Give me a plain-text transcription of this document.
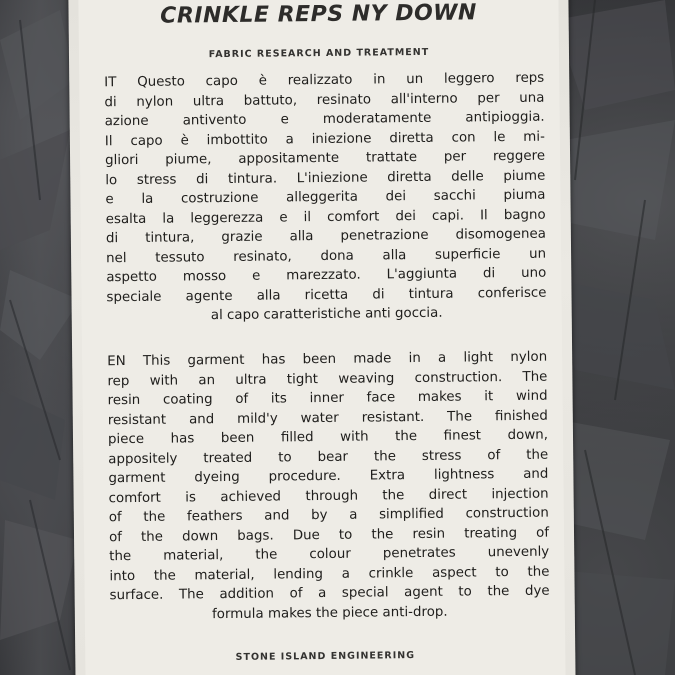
CRINKLE REPS NY DOWN
FABRIC RESEARCH AND TREATMENT
IT Questo capo è realizzato in un leggero reps
di nylon ultra battuto, resinato all'interno per una
azione antivento e moderatamente antipioggia.
Il capo è imbottito a iniezione diretta con le mi-
gliori piume, appositamente trattate per reggere
lo stress di tintura. L'iniezione diretta delle piume
e la costruzione alleggerita dei sacchi piuma
esalta la leggerezza e il comfort dei capi. Il bagno
di tintura, grazie alla penetrazione disomogenea
nel tessuto resinato, dona alla superficie un
aspetto mosso e marezzato. L'aggiunta di uno
speciale agente alla ricetta di tintura conferisce
al capo caratteristiche anti goccia.
EN This garment has been made in a light nylon
rep with an ultra tight weaving construction. The
resin coating of its inner face makes it wind
resistant and mild'y water resistant. The finished
piece has been filled with the finest down,
appositely treated to bear the stress of the
garment dyeing procedure. Extra lightness and
comfort is achieved through the direct injection
of the feathers and by a simplified construction
of the down bags. Due to the resin treating of
the material, the colour penetrates unevenly
into the material, lending a crinkle aspect to the
surface. The addition of a special agent to the dye
formula makes the piece anti-drop.
STONE ISLAND ENGINEERING
